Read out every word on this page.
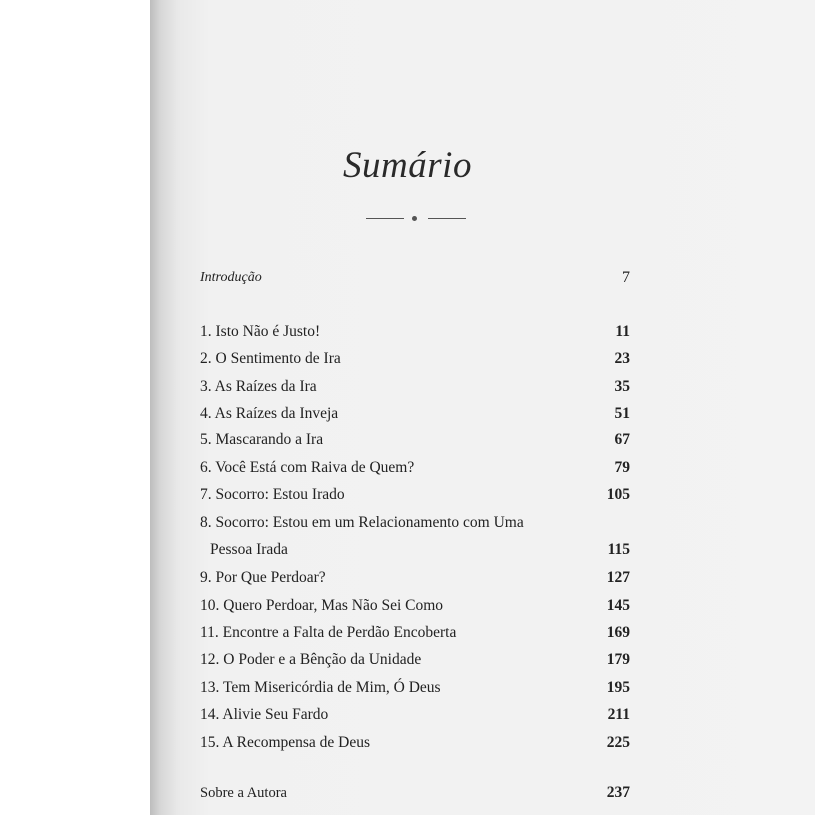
Sumário
Introdução	7
1. Isto Não é Justo!	11
2. O Sentimento de Ira	23
3. As Raízes da Ira	35
4. As Raízes da Inveja	51
5. Mascarando a Ira	67
6. Você Está com Raiva de Quem?	79
7. Socorro: Estou Irado	105
8. Socorro: Estou em um Relacionamento com Uma
Pessoa Irada	115
9. Por Que Perdoar?	127
10. Quero Perdoar, Mas Não Sei Como	145
11. Encontre a Falta de Perdão Encoberta	169
12. O Poder e a Bênção da Unidade	179
13. Tem Misericórdia de Mim, Ó Deus	195
14. Alivie Seu Fardo	211
15. A Recompensa de Deus	225
Sobre a Autora	237
